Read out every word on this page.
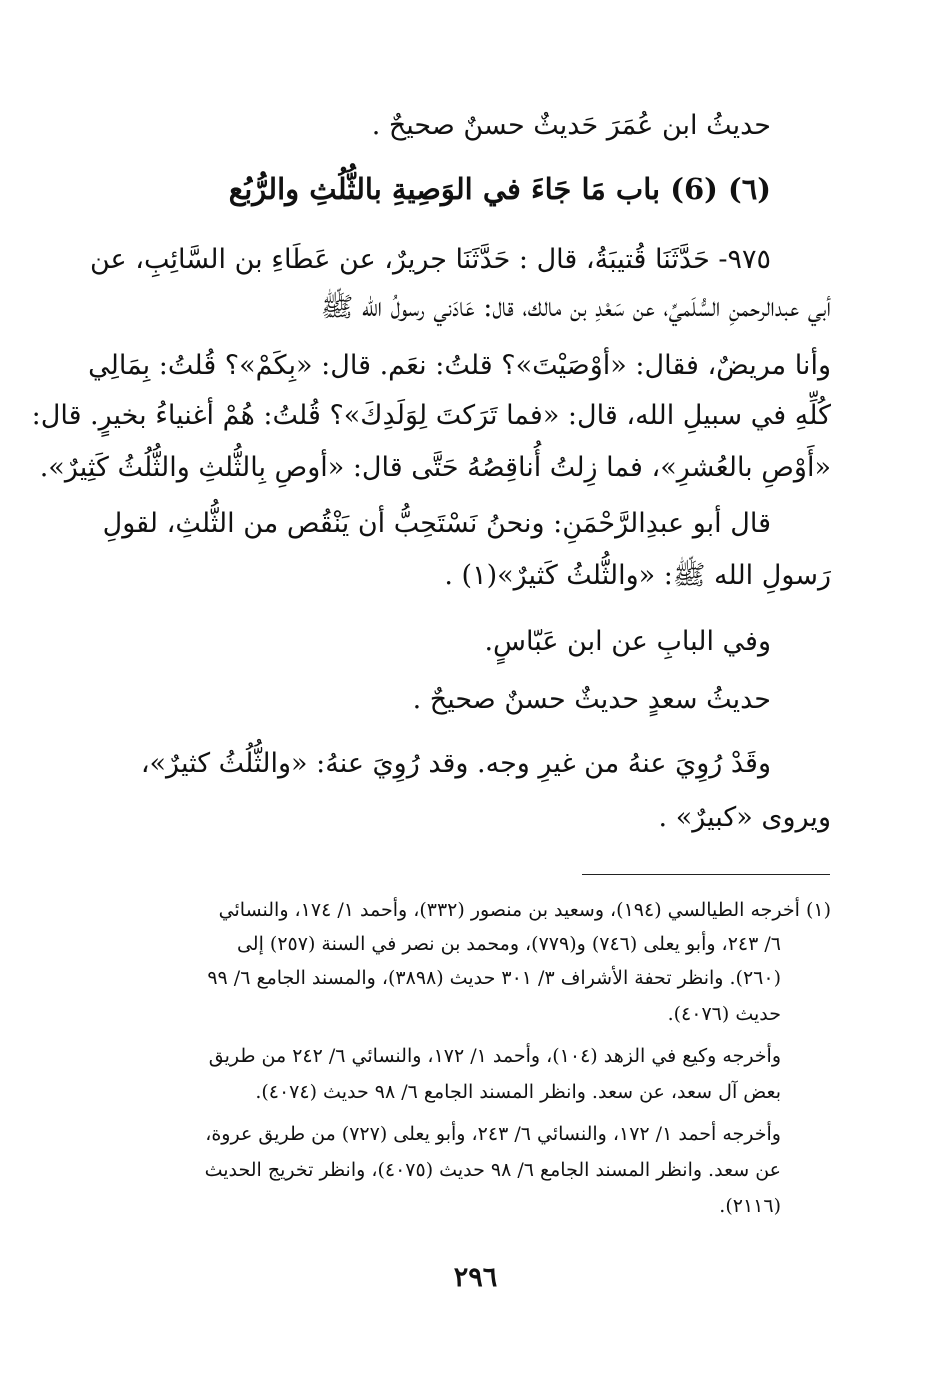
حديثُ ابن عُمَرَ حَديثٌ حسنٌ صحيحٌ .

(٦) (6) باب مَا جَاءَ في الوَصِيةِ بالثُّلُثِ والرُّبُع

٩٧٥- حَدَّثَنَا قُتيبَةُ، قال : حَدَّثَنَا جريرٌ، عن عَطَاءِ بن السَّائِبِ، عن

أبي عبدالرحمنِ السُّلَميِّ، عن سَعْدِ بن مالك، قال: عَادَني رسولُ الله ﷺ

وأنا مريضٌ، فقال: «أوْصَيْتَ»؟ قلتُ: نعَم. قال: «بِكَمْ»؟ قُلتُ: بِمَالِي

كُلِّهِ في سبيلِ الله، قال: «فما تَرَكتَ لِوَلَدِكَ»؟ قُلتُ: هُمْ أغنياءُ بخيرٍ. قال:

«أَوْصِ بالعُشرِ»، فما زِلتُ أُناقِصُهُ حَتَّى قال: «أوصِ بِالثُّلثِ والثُّلُثُ كَثِيرٌ».

قال أبو عبدِالرَّحْمَنِ: ونحنُ نَسْتَحِبُّ أن يَنْقُص من الثُّلثِ، لقولِ

رَسولِ الله ﷺ: «والثُّلثُ كَثيرٌ»(١) .

وفي البابِ عن ابن عَبّاسٍ.

حديثُ سعدٍ حديثٌ حسنٌ صحيحٌ .

وقَدْ رُوِيَ عنهُ من غيرِ وجه. وقد رُوِيَ عنهُ: «والثُّلُثُ كثيرٌ»،

ويروى «كبيرٌ» .

(١) أخرجه الطيالسي (١٩٤)، وسعيد بن منصور (٣٣٢)، وأحمد ١/ ١٧٤، والنسائي

٦/ ٢٤٣، وأبو يعلى (٧٤٦) و(٧٧٩)، ومحمد بن نصر في السنة (٢٥٧) إلى

(٢٦٠). وانظر تحفة الأشراف ٣/ ٣٠١ حديث (٣٨٩٨)، والمسند الجامع ٦/ ٩٩

حديث (٤٠٧٦).

وأخرجه وكيع في الزهد (١٠٤)، وأحمد ١/ ١٧٢، والنسائي ٦/ ٢٤٢ من طريق

بعض آل سعد، عن سعد. وانظر المسند الجامع ٦/ ٩٨ حديث (٤٠٧٤).

وأخرجه أحمد ١/ ١٧٢، والنسائي ٦/ ٢٤٣، وأبو يعلى (٧٢٧) من طريق عروة،

عن سعد. وانظر المسند الجامع ٦/ ٩٨ حديث (٤٠٧٥)، وانظر تخريج الحديث

(٢١١٦).

٢٩٦
